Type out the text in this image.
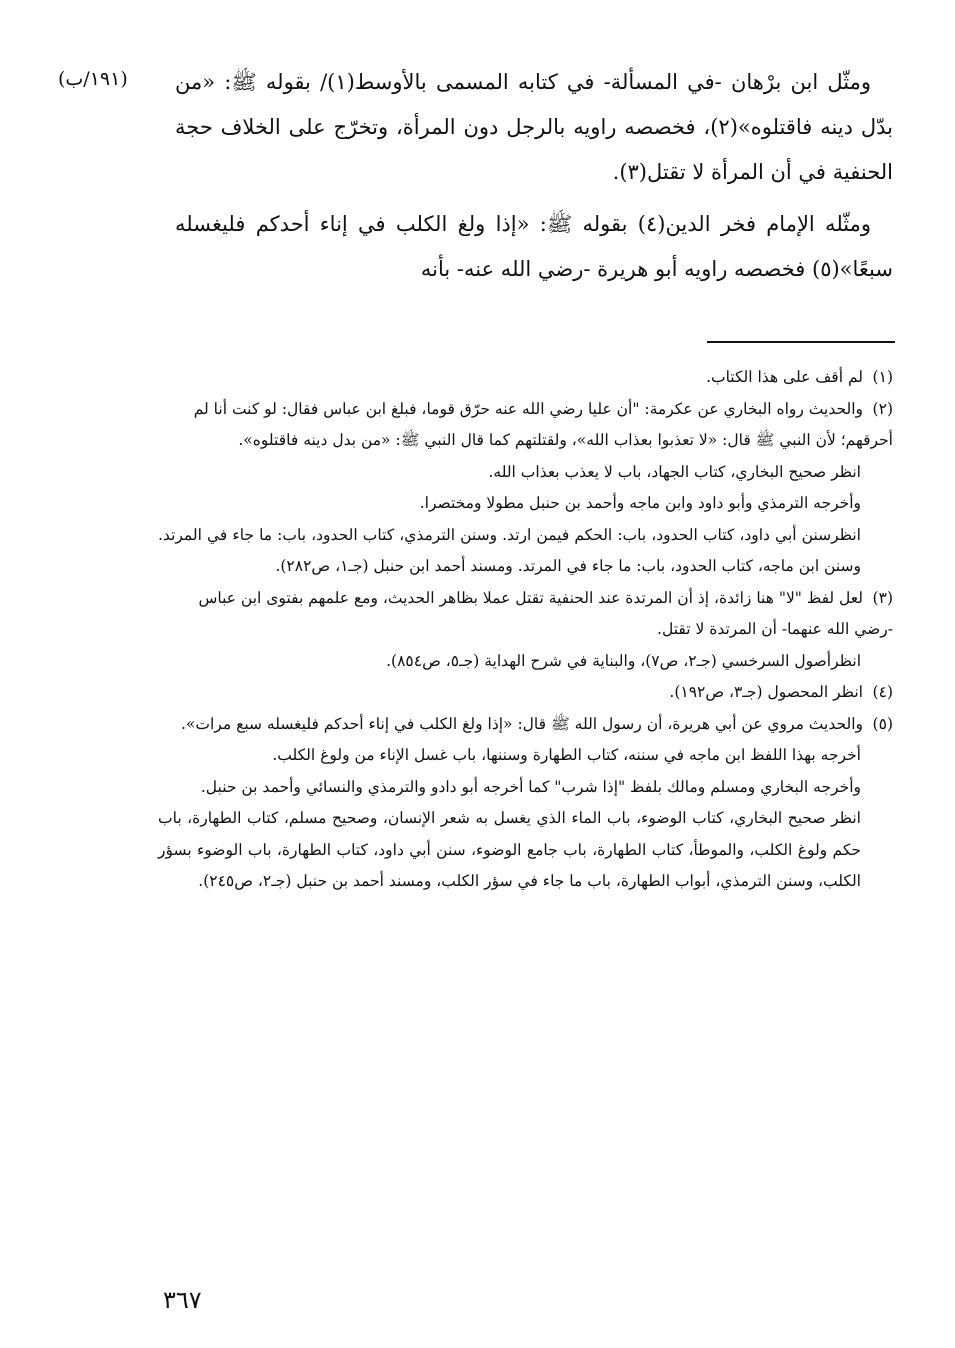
(١٩١/ب) ومثّل ابن برْهان -في المسألة- في كتابه المسمى بالأوسط(١)/ بقوله ﷺ: «من بدّل دينه فاقتلوه»(٢)، فخصصه راويه بالرجل دون المرأة، وتخرّج على الخلاف حجة الحنفية في أن المرأة لا تقتل(٣).

ومثّله الإمام فخر الدين(٤) بقوله ﷺ: «إذا ولغ الكلب في إناء أحدكم فليغسله سبعًا»(٥) فخصصه راويه أبو هريرة -رضي الله عنه- بأنه

(١)لم أقف على هذا الكتاب.
(٢)والحديث رواه البخاري عن عكرمة: "أن عليا رضي الله عنه حرّق قوما، فبلغ ابن عباس فقال: لو كنت أنا لم أحرقهم؛ لأن النبي ﷺ قال: «لا تعذبوا بعذاب الله»، ولقتلتهم كما قال النبي ﷺ: «من بدل دينه فاقتلوه».

انظر صحيح البخاري، كتاب الجهاد، باب لا يعذب بعذاب الله.

وأخرجه الترمذي وأبو داود وابن ماجه وأحمد بن حنبل مطولا ومختصرا.

انظرسنن أبي داود، كتاب الحدود، باب: الحكم فيمن ارتد. وسنن الترمذي، كتاب الحدود، باب: ما جاء في المرتد. وسنن ابن ماجه، كتاب الحدود، باب: ما جاء في المرتد. ومسند أحمد ابن حنبل (جـ١، ص٢٨٢).

(٣)لعل لفظ "لا" هنا زائدة، إذ أن المرتدة عند الحنفية تقتل عملا بظاهر الحديث، ومع علمهم بفتوى ابن عباس -رضي الله عنهما- أن المرتدة لا تقتل.

انظرأصول السرخسي (جـ٢، ص٧)، والبناية في شرح الهداية (جـ٥، ص٨٥٤).

(٤)انظر المحصول (جـ٣، ص١٩٢).
(٥)والحديث مروي عن أبي هريرة، أن رسول الله ﷺ قال: «إذا ولغ الكلب في إناء أحدكم فليغسله سبع مرات».

أخرجه بهذا اللفظ ابن ماجه في سننه، كتاب الطهارة وسننها، باب غسل الإناء من ولوغ الكلب.

وأخرجه البخاري ومسلم ومالك بلفظ "إذا شرب" كما أخرجه أبو دادو والترمذي والنسائي وأحمد بن حنبل.

انظر صحيح البخاري، كتاب الوضوء، باب الماء الذي يغسل به شعر الإنسان، وصحيح مسلم، كتاب الطهارة، باب حكم ولوغ الكلب، والموطأ، كتاب الطهارة، باب جامع الوضوء، سنن أبي داود، كتاب الطهارة، باب الوضوء بسؤر الكلب، وسنن الترمذي، أبواب الطهارة، باب ما جاء في سؤر الكلب، ومسند أحمد بن حنبل (جـ٢، ص٢٤٥).

٣٦٧
